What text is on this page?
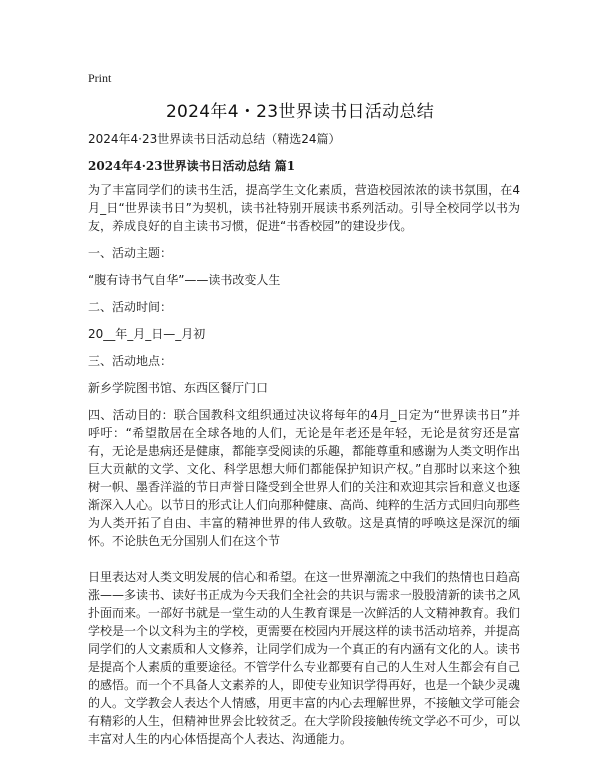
Print
2024年4・23世界读书日活动总结

2024年4·23世界读书日活动总结（精选24篇）

2024年4·23世界读书日活动总结 篇1

为了丰富同学们的读书生活，提高学生文化素质，营造校园浓浓的读书氛围，在4月_日“世界读书日”为契机，读书社特别开展读书系列活动。引导全校同学以书为友，养成良好的自主读书习惯，促进“书香校园”的建设步伐。

一、活动主题：

“腹有诗书气自华”——读书改变人生

二、活动时间：

20__年_月_日—_月初

三、活动地点：

新乡学院图书馆、东西区餐厅门口

四、活动目的：联合国教科文组织通过决议将每年的4月_日定为“世界读书日”并呼吁：“希望散居在全球各地的人们，无论是年老还是年轻，无论是贫穷还是富有，无论是患病还是健康，都能享受阅读的乐趣，都能尊重和感谢为人类文明作出巨大贡献的文学、文化、科学思想大师们都能保护知识产权。”自那时以来这个独树一帜、墨香洋溢的节日声誉日隆受到全世界人们的关注和欢迎其宗旨和意义也逐渐深入人心。以节日的形式让人们向那种健康、高尚、纯粹的生活方式回归向那些为人类开拓了自由、丰富的精神世界的伟人致敬。这是真情的呼唤这是深沉的缅怀。不论肤色无分国别人们在这个节

日里表达对人类文明发展的信心和希望。在这一世界潮流之中我们的热情也日趋高涨——多读书、读好书正成为今天我们全社会的共识与需求一股股清新的读书之风扑面而来。一部好书就是一堂生动的人生教育课是一次鲜活的人文精神教育。我们学校是一个以文科为主的学校，更需要在校园内开展这样的读书活动培养，并提高同学们的人文素质和人文修养，让同学们成为一个真正的有内涵有文化的人。读书是提高个人素质的重要途径。不管学什么专业都要有自己的人生对人生都会有自己的感悟。而一个不具备人文素养的人，即使专业知识学得再好，也是一个缺少灵魂的人。文学教会人表达个人情感，用更丰富的内心去理解世界，不接触文学可能会有精彩的人生，但精神世界会比较贫乏。在大学阶段接触传统文学必不可少，可以丰富对人生的内心体悟提高个人表达、沟通能力。
